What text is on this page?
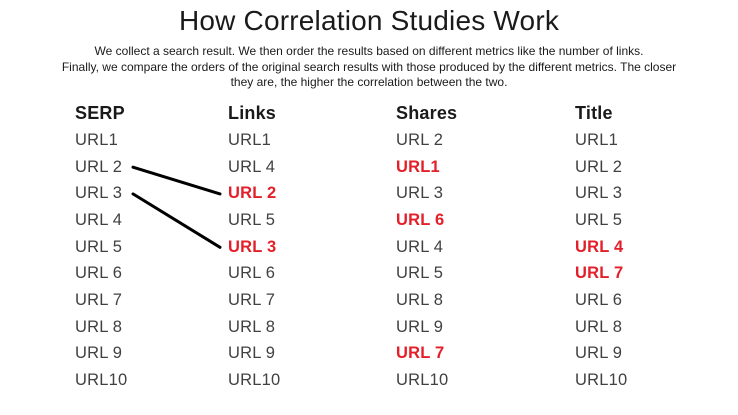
How Correlation Studies Work
We collect a search result. We then order the results based on different metrics like the number of links.
Finally, we compare the orders of the original search results with those produced by the different metrics. The closer
they are, the higher the correlation between the two.
SERP
URL1
URL 2
URL 3
URL 4
URL 5
URL 6
URL 7
URL 8
URL 9
URL10
Links
URL1
URL 4
URL 2
URL 5
URL 3
URL 6
URL 7
URL 8
URL 9
URL10
Shares
URL 2
URL1
URL 3
URL 6
URL 4
URL 5
URL 8
URL 9
URL 7
URL10
Title
URL1
URL 2
URL 3
URL 5
URL 4
URL 7
URL 6
URL 8
URL 9
URL10
